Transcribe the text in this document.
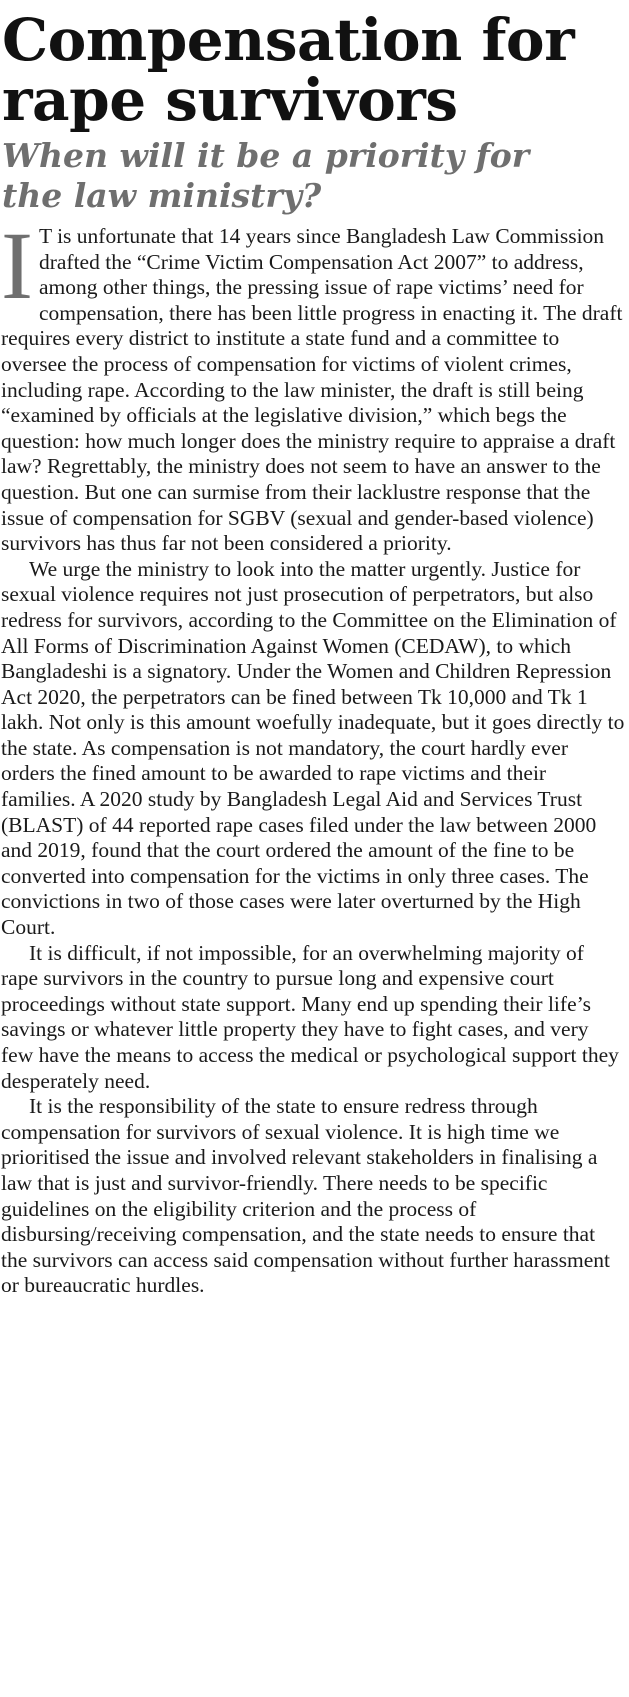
Compensation for
rape survivors
When will it be a priority for
the law ministry?

I T is unfortunate that 14 years since Bangladesh Law Commission drafted the “Crime Victim Compensation Act 2007” to address, among other things, the pressing issue of rape victims’ need for compensation, there has been little progress in enacting it. The draft requires every district to institute a state fund and a committee to oversee the process of compensation for victims of violent crimes, including rape. According to the law minister, the draft is still being “examined by officials at the legislative division,” which begs the question: how much longer does the ministry require to appraise a draft law? Regrettably, the ministry does not seem to have an answer to the question. But one can surmise from their lacklustre response that the issue of compensation for SGBV (sexual and gender-based violence) survivors has thus far not been considered a priority.

We urge the ministry to look into the matter urgently. Justice for sexual violence requires not just prosecution of perpetrators, but also redress for survivors, according to the Committee on the Elimination of All Forms of Discrimination Against Women (CEDAW), to which Bangladeshi is a signatory. Under the Women and Children Repression Act 2020, the perpetrators can be fined between Tk 10,000 and Tk 1 lakh. Not only is this amount woefully inadequate, but it goes directly to the state. As compensation is not mandatory, the court hardly ever orders the fined amount to be awarded to rape victims and their families. A 2020 study by Bangladesh Legal Aid and Services Trust (BLAST) of 44 reported rape cases filed under the law between 2000 and 2019, found that the court ordered the amount of the fine to be converted into compensation for the victims in only three cases. The convictions in two of those cases were later overturned by the High Court.

It is difficult, if not impossible, for an overwhelming majority of rape survivors in the country to pursue long and expensive court proceedings without state support. Many end up spending their life’s savings or whatever little property they have to fight cases, and very few have the means to access the medical or psychological support they desperately need.

It is the responsibility of the state to ensure redress through compensation for survivors of sexual violence. It is high time we prioritised the issue and involved relevant stakeholders in finalising a law that is just and survivor-friendly. There needs to be specific guidelines on the eligibility criterion and the process of disbursing/receiving compensation, and the state needs to ensure that the survivors can access said compensation without further harassment or bureaucratic hurdles.
